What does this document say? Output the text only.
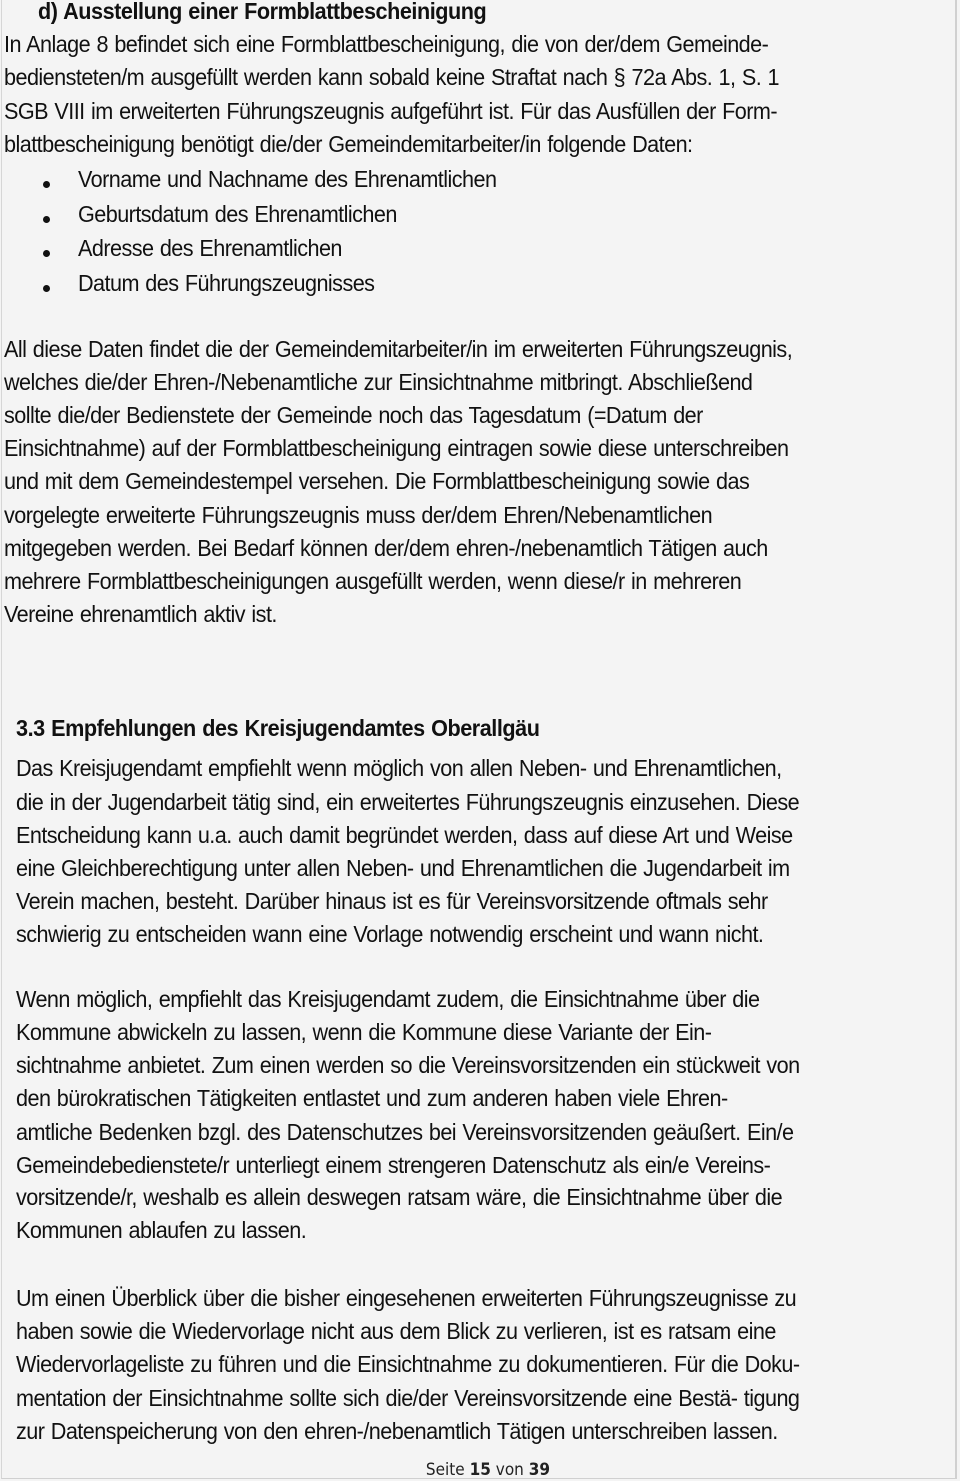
d) Ausstellung einer Formblattbescheinigung
In Anlage 8 befindet sich eine Formblattbescheinigung, die von der/dem Gemeinde-
bediensteten/m ausgefüllt werden kann sobald keine Straftat nach § 72a Abs. 1, S. 1
SGB VIII im erweiterten Führungszeugnis aufgeführt ist. Für das Ausfüllen der Form-
blattbescheinigung benötigt die/der Gemeindemitarbeiter/in folgende Daten:
Vorname und Nachname des Ehrenamtlichen
Geburtsdatum des Ehrenamtlichen
Adresse des Ehrenamtlichen
Datum des Führungszeugnisses
All diese Daten findet die der Gemeindemitarbeiter/in im erweiterten Führungszeugnis,
welches die/der Ehren-/Nebenamtliche zur Einsichtnahme mitbringt. Abschließend
sollte die/der Bedienstete der Gemeinde noch das Tagesdatum (=Datum der
Einsichtnahme) auf der Formblattbescheinigung eintragen sowie diese unterschreiben
und mit dem Gemeindestempel versehen. Die Formblattbescheinigung sowie das
vorgelegte erweiterte Führungszeugnis muss der/dem Ehren/Nebenamtlichen
mitgegeben werden. Bei Bedarf können der/dem ehren-/nebenamtlich Tätigen auch
mehrere Formblattbescheinigungen ausgefüllt werden, wenn diese/r in mehreren
Vereine ehrenamtlich aktiv ist.
3.3 Empfehlungen des Kreisjugendamtes Oberallgäu
Das Kreisjugendamt empfiehlt wenn möglich von allen Neben- und Ehrenamtlichen,
die in der Jugendarbeit tätig sind, ein erweitertes Führungszeugnis einzusehen. Diese
Entscheidung kann u.a. auch damit begründet werden, dass auf diese Art und Weise
eine Gleichberechtigung unter allen Neben- und Ehrenamtlichen die Jugendarbeit im
Verein machen, besteht. Darüber hinaus ist es für Vereinsvorsitzende oftmals sehr
schwierig zu entscheiden wann eine Vorlage notwendig erscheint und wann nicht.
Wenn möglich, empfiehlt das Kreisjugendamt zudem, die Einsichtnahme über die
Kommune abwickeln zu lassen, wenn die Kommune diese Variante der Ein-
sichtnahme anbietet. Zum einen werden so die Vereinsvorsitzenden ein stückweit von
den bürokratischen Tätigkeiten entlastet und zum anderen haben viele Ehren-
amtliche Bedenken bzgl. des Datenschutzes bei Vereinsvorsitzenden geäußert. Ein/e
Gemeindebedienstete/r unterliegt einem strengeren Datenschutz als ein/e Vereins-
vorsitzende/r, weshalb es allein deswegen ratsam wäre, die Einsichtnahme über die
Kommunen ablaufen zu lassen.
Um einen Überblick über die bisher eingesehenen erweiterten Führungszeugnisse zu
haben sowie die Wiedervorlage nicht aus dem Blick zu verlieren, ist es ratsam eine
Wiedervorlageliste zu führen und die Einsichtnahme zu dokumentieren. Für die Doku-
mentation der Einsichtnahme sollte sich die/der Vereinsvorsitzende eine Bestä- tigung
zur Datenspeicherung von den ehren-/nebenamtlich Tätigen unterschreiben lassen.
Seite 15 von 39
